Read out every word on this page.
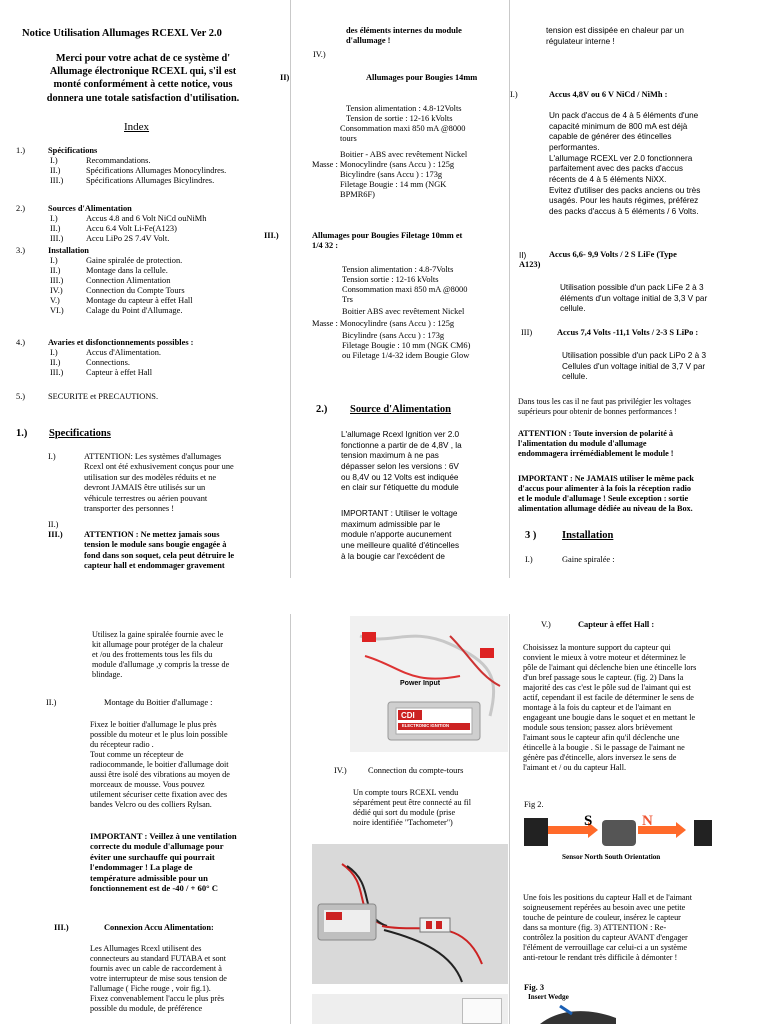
Notice Utilisation Allumages RCEXL Ver 2.0
Merci pour votre achat de ce système d'
Allumage électronique RCEXL qui, s'il est
monté conformément à cette notice, vous
donnera une totale satisfaction d'utilisation.
Index
1.)	Spécifications
I.)	Recommandations.
II.)	Spécifications Allumages Monocylindres.
III.)	Spécifications Allumages Bicylindres.
2.)	Sources d'Alimentation
I.)	Accus 4.8 and 6 Volt NiCd ouNiMh
II.)	Accu 6.4 Volt Li-Fe(A123)
III.)	Accu LiPo 2S 7.4V Volt.
3.)	Installation
I.)	Gaine spiralée de protection.
II.)	Montage dans la cellule.
III.)	Connection Alimentation
IV.)	Connection du Compte Tours
V.)	Montage du capteur à effet Hall
VI.)	Calage du Point d'Allumage.
4.)	Avaries et disfonctionnements possibles :
I.)	Accus d'Alimentation.
II.)	Connections.
III.)	Capteur à effet Hall
5.)	SECURITE et PRECAUTIONS.
1.) Specifications
I.)	ATTENTION: Les systèmes d'allumages
Rcexl ont été exhusivement conçus pour une
utilisation sur des modèles réduits et ne
devront JAMAIS être utilisés sur un
véhicule terrestres ou aérien pouvant
transporter des personnes !
II.)
III.)	ATTENTION : Ne mettez jamais sous
tension le module sans bougie engagée à
fond dans son soquet, cela peut détruire le
capteur hall et endommager gravement
des éléments internes du module
d'allumage !
IV.)
II)	Allumages pour Bougies 14mm
Tension alimentation : 4.8-12Volts
Tension de sortie : 12-16 kVolts
Consommation maxi 850 mA @8000
tours
Boitier - ABS avec revêtement Nickel
Masse : Monocylindre (sans Accu ) : 125g
Bicylindre (sans Accu ) : 173g
Filetage Bougie : 14 mm (NGK
BPMR6F)
III.)	Allumages pour Bougies Filetage 10mm et
1/4 32 :
Tension alimentation : 4.8-7Volts
Tension sortie : 12-16 kVolts
Consommation maxi 850 mA @8000
Trs
Boitier ABS avec revêtement Nickel
Masse : Monocylindre (sans Accu ) : 125g
Bicylindre (sans Accu ) : 173g
Filetage Bougie : 10 mm (NGK CM6)
ou Filetage 1/4-32 idem Bougie Glow
2.) Source d'Alimentation
L'allumage Rcexl Ignition ver 2.0
fonctionne a partir de de 4,8V , la
tension maximum à ne pas
dépasser selon les versions : 6V
ou 8,4V ou 12 Volts est indiquée
en clair sur l'étiquette du module
IMPORTANT : Utiliser le voltage
maximum admissible par le
module n'apporte aucunement
une meilleure qualité d'étincelles
à la bougie car l'excédent de
tension est dissipée en chaleur par un
régulateur interne !
I.)	Accus 4,8V ou 6 V NiCd / NiMh :
Un pack d'accus de 4 à 5 éléments d'une
capacité minimum de 800 mA est déjà
capable de générer des étincelles
performantes.
L'allumage RCEXL ver 2.0 fonctionnera
parfaitement avec des packs d'accus
récents de 4 à 5 éléments NiXX.
Evitez d'utiliser des packs anciens ou très
usagés. Pour les hauts régimes, préférez
des packs d'accus à 5 éléments / 6 Volts.
II)	Accus 6,6- 9,9 Volts / 2 S LiFe (Type
A123)
Utilisation possible d'un pack LiFe 2 à 3
éléments d'un voltage initial de 3,3 V par
cellule.
III)	Accus 7,4 Volts -11,1 Volts / 2-3 S LiPo :
Utilisation possible d'un pack LiPo 2 à 3
Cellules d'un voltage initial de 3,7 V par
cellule.
Dans tous les cas il ne faut pas privilégier les voltages
supérieurs pour obtenir de bonnes performances !
ATTENTION : Toute inversion de polarité à
l'alimentation du module d'allumage
endommagera irrémédiablement le module !
IMPORTANT : Ne JAMAIS utiliser le même pack
d'accus pour alimenter à la fois la réception radio
et le module d'allumage ! Seule exception : sortie
alimentation allumage dédiée au niveau de la Box.
3 ) Installation
I.)	Gaine spiralée :
Utilisez la gaine spiralée fournie avec le
kit allumage pour protéger de la chaleur
et /ou des frottements tous les fils du
module d'allumage ,y compris la tresse de
blindage.
II.)	Montage du Boitier d'allumage :
Fixez le boitier d'allumage le plus près
possible du moteur et le plus loin possible
du récepteur radio .
Tout comme un récepteur de
radiocommande, le boitier d'allumage doit
aussi être isolé des vibrations au moyen de
morceaux de mousse. Vous pouvez
utilement sécuriser cette fixation avec des
bandes Velcro ou des colliers Rylsan.
IMPORTANT : Veillez à une ventilation
correcte du module d'allumage pour
éviter une surchauffe qui pourrait
l'endommager ! La plage de
température admissible pour un
fonctionnement est de -40 / + 60° C
III.)	Connexion Accu Alimentation:
Les Allumages Rcexl utilisent des
connecteurs au standard FUTABA et sont
fournis avec un cable de raccordement à
votre interrupteur de mise sous tension de
l'allumage ( Fiche rouge , voir fig.1).
Fixez convenablement l'accu le plus près
possible du module, de préférence
Power Input
CDI
ELECTRONIC IGNITION
IV.)	Connection du compte-tours
Un compte tours RCEXL vendu
séparément peut être connecté au fil
dédié qui sort du module (prise
noire identifiée "Tachometer")
V.)	Capteur à effet Hall :
Choisissez la monture support du capteur qui
convient le mieux à votre moteur et déterminez le
pôle de l'aimant qui déclenche bien une étincelle lors
d'un bref passage sous le capteur. (fig. 2) Dans la
majorité des cas c'est le pôle sud de l'aimant qui est
actif, cependant il est facile de déterminer le sens de
montage à la fois du capteur et de l'aimant en
engageant une bougie dans le soquet et en mettant le
module sous tension; passez alors brièvement
l'aimant sous le capteur afin qu'il déclenche une
étincelle à la bougie . Si le passage de l'aimant ne
génère pas d'étincelle, alors inversez le sens de
l'aimant et / ou du capteur Hall.
Fig 2.
S	N
Sensor North South Orientation
Une fois les positions du capteur Hall et de l'aimant
soigneusement repérées au besoin avec une petite
touche de peinture de couleur, insérez le capteur
dans sa monture (fig. 3) ATTENTION : Re-
contrôlez la position du capteur AVANT d'engager
l'élément de verrouillage car celui-ci a un système
anti-retour le rendant très difficile à démonter !
Fig. 3
Insert Wedge
